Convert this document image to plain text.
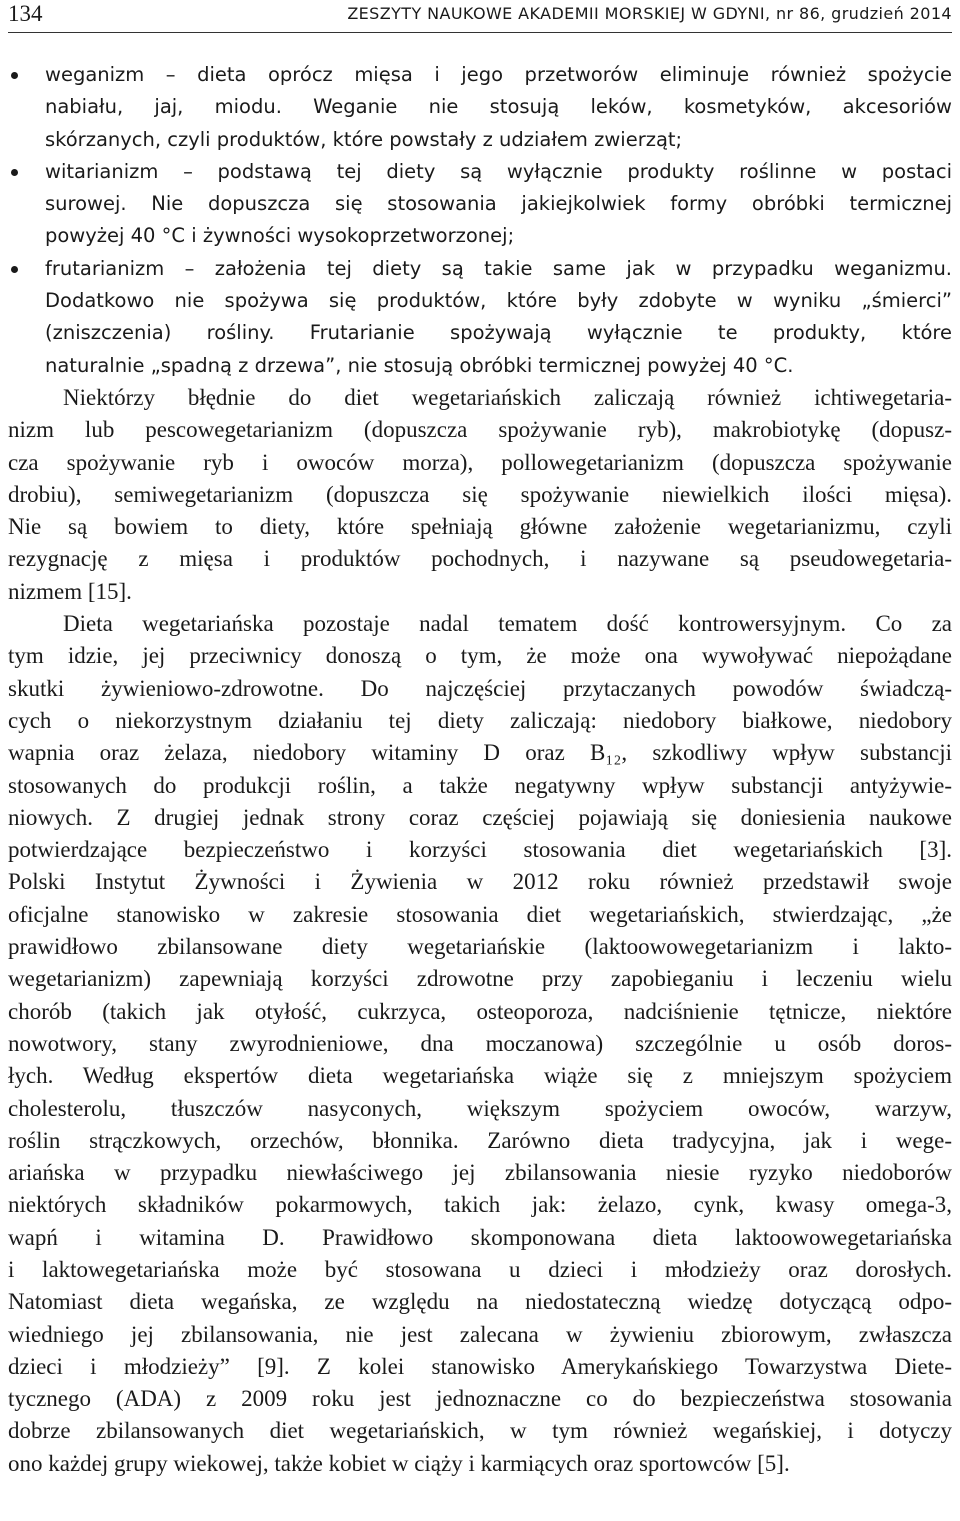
134	ZESZYTY NAUKOWE AKADEMII MORSKIEJ W GDYNI, nr 86, grudzień 2014
weganizm – dieta oprócz mięsa i jego przetworów eliminuje również spożycie
nabiału, jaj, miodu. Weganie nie stosują leków, kosmetyków, akcesoriów
skórzanych, czyli produktów, które powstały z udziałem zwierząt;
witarianizm – podstawą tej diety są wyłącznie produkty roślinne w postaci
surowej. Nie dopuszcza się stosowania jakiejkolwiek formy obróbki termicznej
powyżej 40 °C i żywności wysokoprzetworzonej;
frutarianizm – założenia tej diety są takie same jak w przypadku weganizmu.
Dodatkowo nie spożywa się produktów, które były zdobyte w wyniku „śmierci”
(zniszczenia) rośliny. Frutarianie spożywają wyłącznie te produkty, które
naturalnie „spadną z drzewa”, nie stosują obróbki termicznej powyżej 40 °C.
Niektórzy błędnie do diet wegetariańskich zaliczają również ichtiwegetaria-
nizm lub pescowegetarianizm (dopuszcza spożywanie ryb), makrobiotykę (dopusz-
cza spożywanie ryb i owoców morza), pollowegetarianizm (dopuszcza spożywanie
drobiu), semiwegetarianizm (dopuszcza się spożywanie niewielkich ilości mięsa).
Nie są bowiem to diety, które spełniają główne założenie wegetarianizmu, czyli
rezygnację z mięsa i produktów pochodnych, i nazywane są pseudowegetaria-
nizmem [15].
Dieta wegetariańska pozostaje nadal tematem dość kontrowersyjnym. Co za
tym idzie, jej przeciwnicy donoszą o tym, że może ona wywoływać niepożądane
skutki żywieniowo-zdrowotne. Do najczęściej przytaczanych powodów świadczą-
cych o niekorzystnym działaniu tej diety zaliczają: niedobory białkowe, niedobory
wapnia oraz żelaza, niedobory witaminy D oraz B₁₂, szkodliwy wpływ substancji
stosowanych do produkcji roślin, a także negatywny wpływ substancji antyżywie-
niowych. Z drugiej jednak strony coraz częściej pojawiają się doniesienia naukowe
potwierdzające bezpieczeństwo i korzyści stosowania diet wegetariańskich [3].
Polski Instytut Żywności i Żywienia w 2012 roku również przedstawił swoje
oficjalne stanowisko w zakresie stosowania diet wegetariańskich, stwierdzając, „że
prawidłowo zbilansowane diety wegetariańskie (laktoowowegetarianizm i lakto-
wegetarianizm) zapewniają korzyści zdrowotne przy zapobieganiu i leczeniu wielu
chorób (takich jak otyłość, cukrzyca, osteoporoza, nadciśnienie tętnicze, niektóre
nowotwory, stany zwyrodnieniowe, dna moczanowa) szczególnie u osób doros-
łych. Według ekspertów dieta wegetariańska wiąże się z mniejszym spożyciem
cholesterolu, tłuszczów nasyconych, większym spożyciem owoców, warzyw,
roślin strączkowych, orzechów, błonnika. Zarówno dieta tradycyjna, jak i wege-
ariańska w przypadku niewłaściwego jej zbilansowania niesie ryzyko niedoborów
niektórych składników pokarmowych, takich jak: żelazo, cynk, kwasy omega-3,
wapń i witamina D. Prawidłowo skomponowana dieta laktoowowegetariańska
i laktowegetariańska może być stosowana u dzieci i młodzieży oraz dorosłych.
Natomiast dieta wegańska, ze względu na niedostateczną wiedzę dotyczącą odpo-
wiedniego jej zbilansowania, nie jest zalecana w żywieniu zbiorowym, zwłaszcza
dzieci i młodzieży” [9]. Z kolei stanowisko Amerykańskiego Towarzystwa Diete-
tycznego (ADA) z 2009 roku jest jednoznaczne co do bezpieczeństwa stosowania
dobrze zbilansowanych diet wegetariańskich, w tym również wegańskiej, i dotyczy
ono każdej grupy wiekowej, także kobiet w ciąży i karmiących oraz sportowców [5].
